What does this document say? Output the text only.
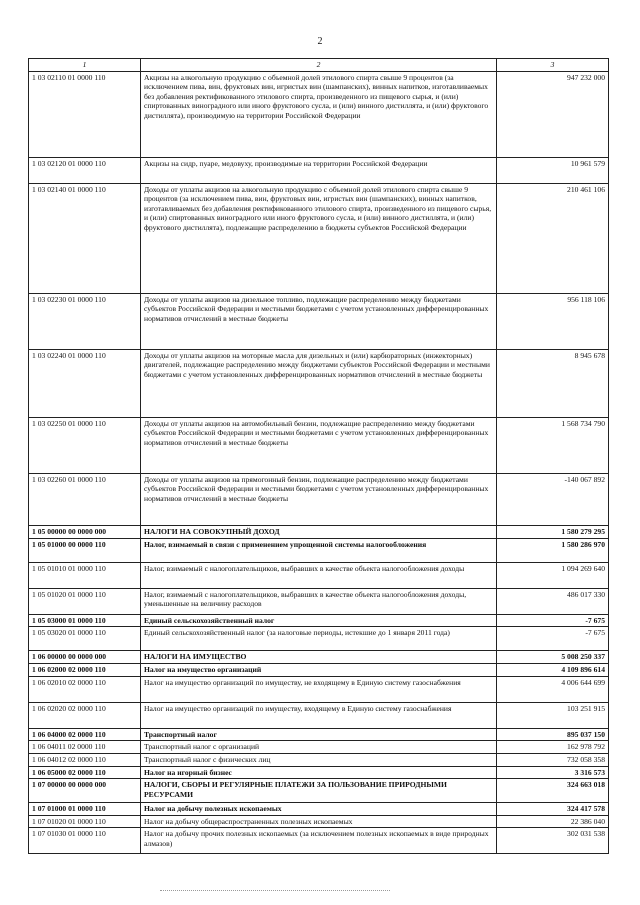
2
1	2	3
1 03 02110 01 0000 110	Акцизы на алкогольную продукцию с объемной долей этилового спирта свыше 9 процентов (за исключением пива, вин, фруктовых вин, игристых вин (шампанских), винных напитков, изготавливаемых без добавления ректификованного этилового спирта, произведенного из пищевого сырья, и (или) спиртованных виноградного или иного фруктового сусла, и (или) винного дистиллята, и (или) фруктового дистиллята), производимую на территории Российской Федерации	947 232 000
1 03 02120 01 0000 110	Акцизы на сидр, пуаре, медовуху, производимые на территории Российской Федерации	10 961 579
1 03 02140 01 0000 110	Доходы от уплаты акцизов на алкогольную продукцию с объемной долей этилового спирта свыше 9 процентов (за исключением пива, вин, фруктовых вин, игристых вин (шампанских), винных напитков, изготавливаемых без добавления ректификованного этилового спирта, произведенного из пищевого сырья, и (или) спиртованных виноградного или иного фруктового сусла, и (или) винного дистиллята, и (или) фруктового дистиллята), подлежащие распределению в бюджеты субъектов Российской Федерации	210 461 106
1 03 02230 01 0000 110	Доходы от уплаты акцизов на дизельное топливо, подлежащие распределению между бюджетами субъектов Российской Федерации и местными бюджетами с учетом установленных дифференцированных нормативов отчислений в местные бюджеты	956 118 106
1 03 02240 01 0000 110	Доходы от уплаты акцизов на моторные масла для дизельных и (или) карбюраторных (инжекторных) двигателей, подлежащие распределению между бюджетами субъектов Российской Федерации и местными бюджетами с учетом установленных дифференцированных нормативов отчислений в местные бюджеты	8 945 678
1 03 02250 01 0000 110	Доходы от уплаты акцизов на автомобильный бензин, подлежащие распределению между бюджетами субъектов Российской Федерации и местными бюджетами с учетом установленных дифференцированных нормативов отчислений в местные бюджеты	1 568 734 790
1 03 02260 01 0000 110	Доходы от уплаты акцизов на прямогонный бензин, подлежащие распределению между бюджетами субъектов Российской Федерации и местными бюджетами с учетом установленных дифференцированных нормативов отчислений в местные бюджеты	-140 067 892
1 05 00000 00 0000 000	НАЛОГИ НА СОВОКУПНЫЙ ДОХОД	1 580 279 295
1 05 01000 00 0000 110	Налог, взимаемый в связи с применением упрощенной системы налогообложения	1 580 286 970
1 05 01010 01 0000 110	Налог, взимаемый с налогоплательщиков, выбравших в качестве объекта налогообложения доходы	1 094 269 640
1 05 01020 01 0000 110	Налог, взимаемый с налогоплательщиков, выбравших в качестве объекта налогообложения доходы, уменьшенные на величину расходов	486 017 330
1 05 03000 01 0000 110	Единый сельскохозяйственный налог	-7 675
1 05 03020 01 0000 110	Единый сельскохозяйственный налог (за налоговые периоды, истекшие до 1 января 2011 года)	-7 675
1 06 00000 00 0000 000	НАЛОГИ НА ИМУЩЕСТВО	5 008 250 337
1 06 02000 02 0000 110	Налог на имущество организаций	4 109 896 614
1 06 02010 02 0000 110	Налог на имущество организаций по имуществу, не входящему в Единую систему газоснабжения	4 006 644 699
1 06 02020 02 0000 110	Налог на имущество организаций по имуществу, входящему в Единую систему газоснабжения	103 251 915
1 06 04000 02 0000 110	Транспортный налог	895 037 150
1 06 04011 02 0000 110	Транспортный налог с организаций	162 978 792
1 06 04012 02 0000 110	Транспортный налог с физических лиц	732 058 358
1 06 05000 02 0000 110	Налог на игорный бизнес	3 316 573
1 07 00000 00 0000 000	НАЛОГИ, СБОРЫ И РЕГУЛЯРНЫЕ ПЛАТЕЖИ ЗА ПОЛЬЗОВАНИЕ ПРИРОДНЫМИ РЕСУРСАМИ	324 663 018
1 07 01000 01 0000 110	Налог на добычу полезных ископаемых	324 417 578
1 07 01020 01 0000 110	Налог на добычу общераспространенных полезных ископаемых	22 386 040
1 07 01030 01 0000 110	Налог на добычу прочих полезных ископаемых (за исключением полезных ископаемых в виде природных алмазов)	302 031 538
